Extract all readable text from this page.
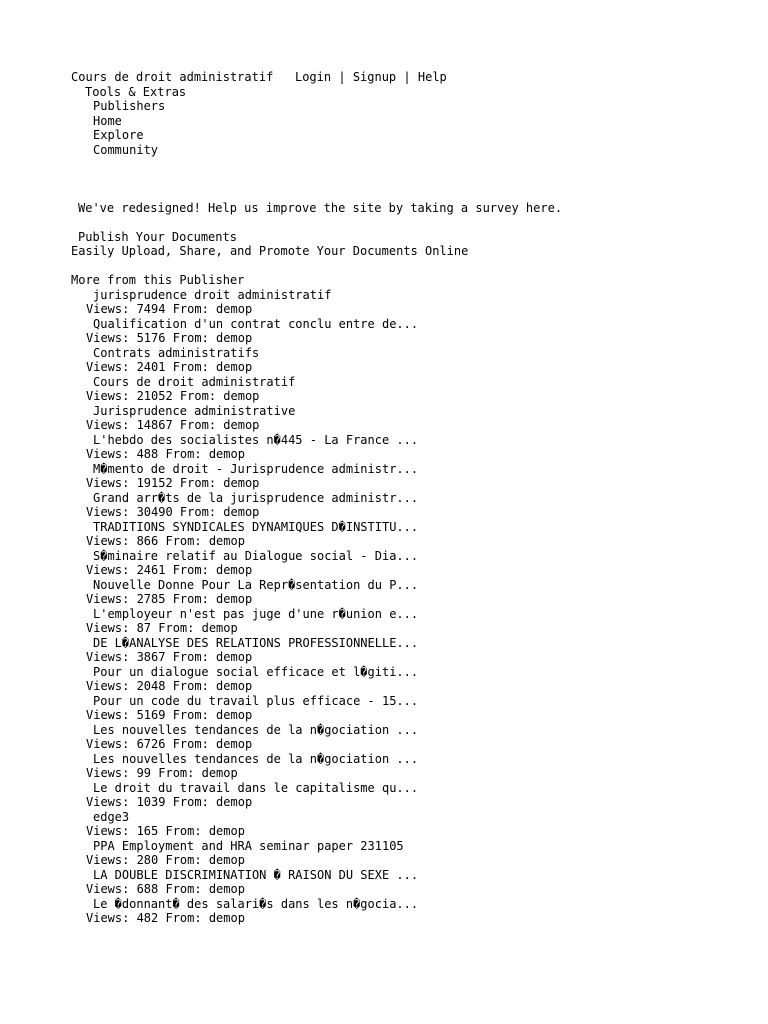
Cours de droit administratif Login | Signup | Help
Tools & Extras
Publishers
Home
Explore
Community
We've redesigned! Help us improve the site by taking a survey here.
Publish Your Documents
Easily Upload, Share, and Promote Your Documents Online
More from this Publisher
jurisprudence droit administratif
Views: 7494 From: demop
Qualification d'un contrat conclu entre de...
Views: 5176 From: demop
Contrats administratifs
Views: 2401 From: demop
Cours de droit administratif
Views: 21052 From: demop
Jurisprudence administrative
Views: 14867 From: demop
L'hebdo des socialistes n�445 - La France ...
Views: 488 From: demop
M�mento de droit - Jurisprudence administr...
Views: 19152 From: demop
Grand arr�ts de la jurisprudence administr...
Views: 30490 From: demop
TRADITIONS SYNDICALES DYNAMIQUES D�INSTITU...
Views: 866 From: demop
S�minaire relatif au Dialogue social - Dia...
Views: 2461 From: demop
Nouvelle Donne Pour La Repr�sentation du P...
Views: 2785 From: demop
L'employeur n'est pas juge d'une r�union e...
Views: 87 From: demop
DE L�ANALYSE DES RELATIONS PROFESSIONNELLE...
Views: 3867 From: demop
Pour un dialogue social efficace et l�giti...
Views: 2048 From: demop
Pour un code du travail plus efficace - 15...
Views: 5169 From: demop
Les nouvelles tendances de la n�gociation ...
Views: 6726 From: demop
Les nouvelles tendances de la n�gociation ...
Views: 99 From: demop
Le droit du travail dans le capitalisme qu...
Views: 1039 From: demop
edge3
Views: 165 From: demop
PPA Employment and HRA seminar paper 231105
Views: 280 From: demop
LA DOUBLE DISCRIMINATION � RAISON DU SEXE ...
Views: 688 From: demop
Le �donnant� des salari�s dans les n�gocia...
Views: 482 From: demop
